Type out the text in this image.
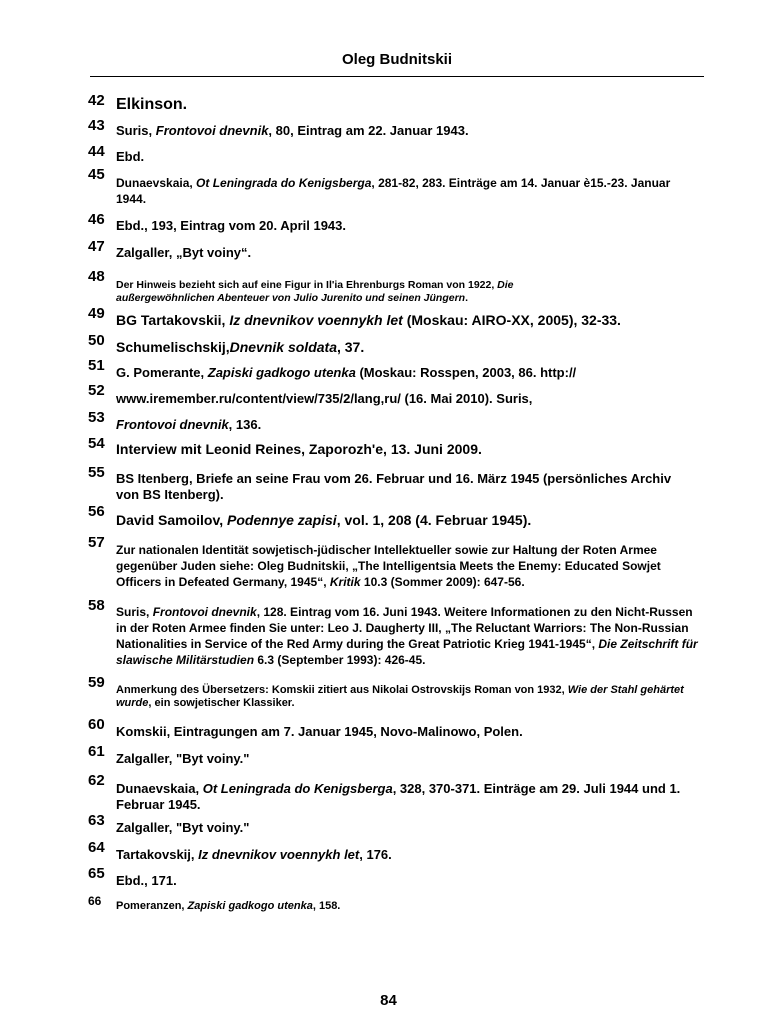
Oleg Budnitskii
42 Elkinson.
43 Suris, Frontovoi dnevnik, 80, Eintrag am 22. Januar 1943.
44 Ebd.
45 Dunaevskaia, Ot Leningrada do Kenigsberga, 281-82, 283. Einträge am 14. Januar è15.-23. Januar 1944.
46 Ebd., 193, Eintrag vom 20. April 1943.
47 Zalgaller, „Byt voiny“.
48 Der Hinweis bezieht sich auf eine Figur in Il'ia Ehrenburgs Roman von 1922, Die außergewöhnlichen Abenteuer von Julio Jurenito und seinen Jüngern.
49 BG Tartakovskii, Iz dnevnikov voennykh let (Moskau: AIRO-XX, 2005), 32-33.
50 Schumelischskij,Dnevnik soldata, 37.
51 G. Pomerante, Zapiski gadkogo utenka (Moskau: Rosspen, 2003, 86. http://
52 www.iremember.ru/content/view/735/2/lang,ru/ (16. Mai 2010). Suris,
53 Frontovoi dnevnik, 136.
54 Interview mit Leonid Reines, Zaporozh'e, 13. Juni 2009.
55 BS Itenberg, Briefe an seine Frau vom 26. Februar und 16. März 1945 (persönliches Archiv von BS Itenberg).
56 David Samoilov, Podennye zapisi, vol. 1, 208 (4. Februar 1945).
57 Zur nationalen Identität sowjetisch-jüdischer Intellektueller sowie zur Haltung der Roten Armee gegenüber Juden siehe: Oleg Budnitskii, „The Intelligentsia Meets the Enemy: Educated Sowjet Officers in Defeated Germany, 1945“, Kritik 10.3 (Sommer 2009): 647-56.
58 Suris, Frontovoi dnevnik, 128. Eintrag vom 16. Juni 1943. Weitere Informationen zu den Nicht-Russen in der Roten Armee finden Sie unter: Leo J. Daugherty III, „The Reluctant Warriors: The Non-Russian Nationalities in Service of the Red Army during the Great Patriotic Krieg 1941-1945“, Die Zeitschrift für slawische Militärstudien 6.3 (September 1993): 426-45.
59 Anmerkung des Übersetzers: Komskii zitiert aus Nikolai Ostrovskijs Roman von 1932, Wie der Stahl gehärtet wurde, ein sowjetischer Klassiker.
60 Komskii, Eintragungen am 7. Januar 1945, Novo-Malinowo, Polen.
61 Zalgaller, "Byt voiny."
62 Dunaevskaia, Ot Leningrada do Kenigsberga, 328, 370-371. Einträge am 29. Juli 1944 und 1. Februar 1945.
63 Zalgaller, "Byt voiny."
64 Tartakovskij, Iz dnevnikov voennykh let, 176.
65 Ebd., 171.
66 Pomeranzen, Zapiski gadkogo utenka, 158.
84
